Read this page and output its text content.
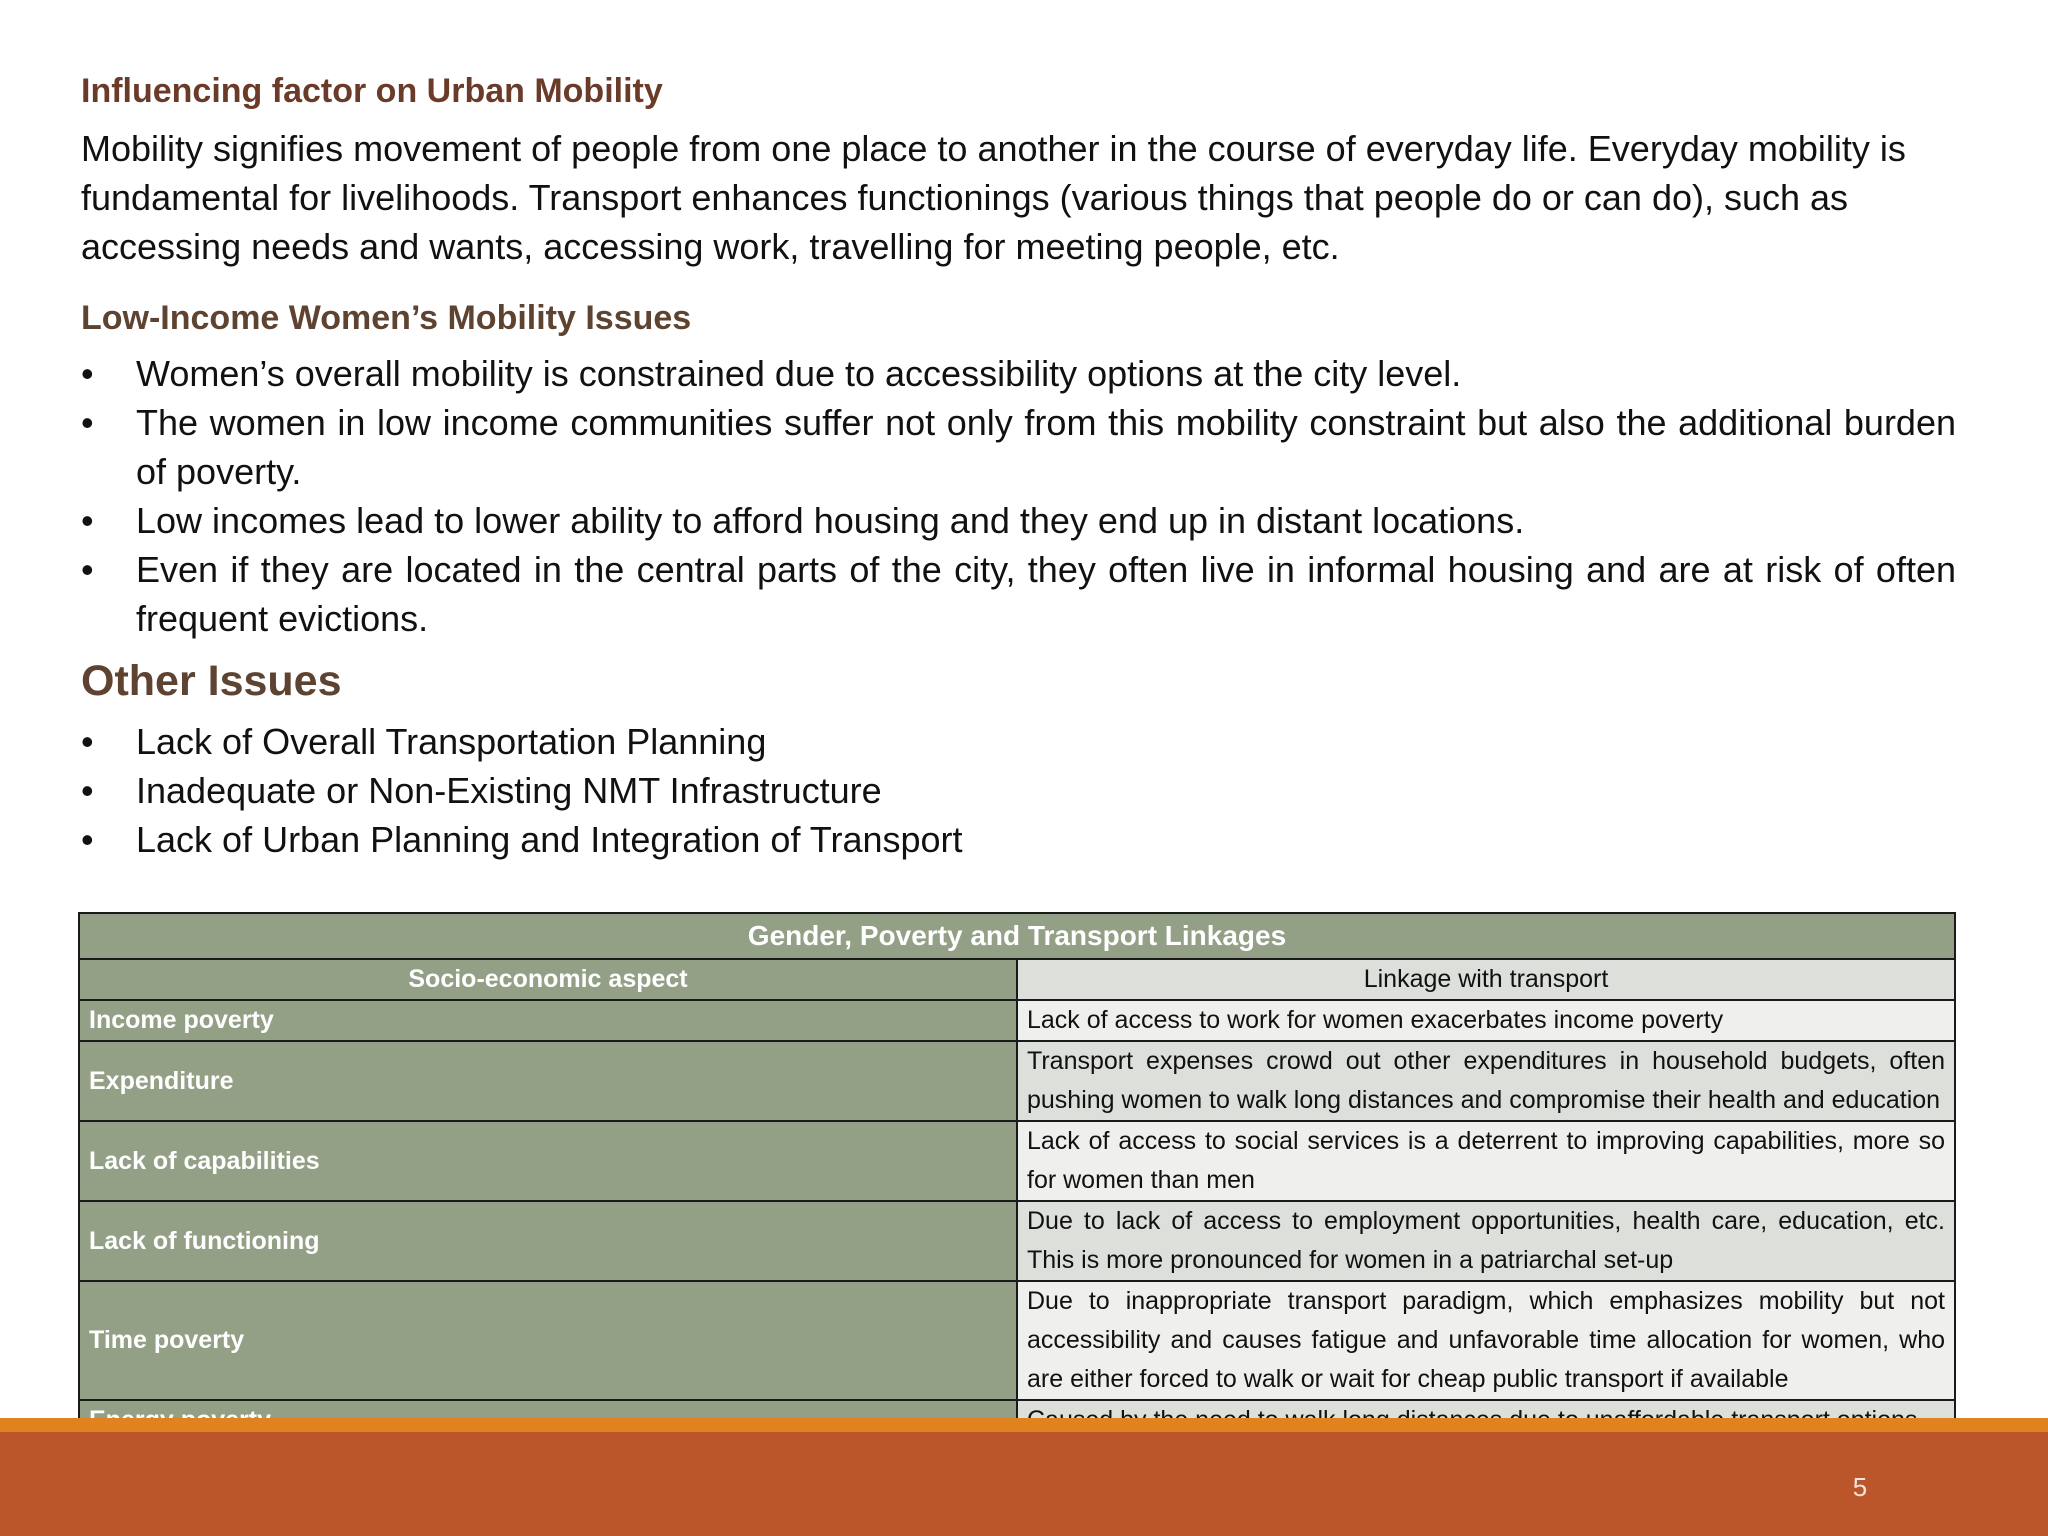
Influencing factor on Urban Mobility

Mobility signifies movement of people from one place to another in the course of everyday life. Everyday mobility is fundamental for livelihoods. Transport enhances functionings (various things that people do or can do), such as accessing needs and wants, accessing work, travelling for meeting people, etc.

Low-Income Women’s Mobility Issues
• Women’s overall mobility is constrained due to accessibility options at the city level.
• The women in low income communities suffer not only from this mobility constraint but also the additional burden of poverty.
• Low incomes lead to lower ability to afford housing and they end up in distant locations.
• Even if they are located in the central parts of the city, they often live in informal housing and are at risk of often frequent evictions.
Other Issues
• Lack of Overall Transportation Planning
• Inadequate or Non-Existing NMT Infrastructure
• Lack of Urban Planning and Integration of Transport
Gender, Poverty and Transport Linkages	
Socio-economic aspect	Linkage with transport
Income poverty	Lack of access to work for women exacerbates income poverty
Expenditure	Transport expenses crowd out other expenditures in household budgets, often pushing women to walk long distances and compromise their health and education
Lack of capabilities	Lack of access to social services is a deterrent to improving capabilities, more so for women than men
Lack of functioning	Due to lack of access to employment opportunities, health care, education, etc. This is more pronounced for women in a patriarchal set-up
Time poverty	Due to inappropriate transport paradigm, which emphasizes mobility but not accessibility and causes fatigue and unfavorable time allocation for women, who are either forced to walk or wait for cheap public transport if available

5
